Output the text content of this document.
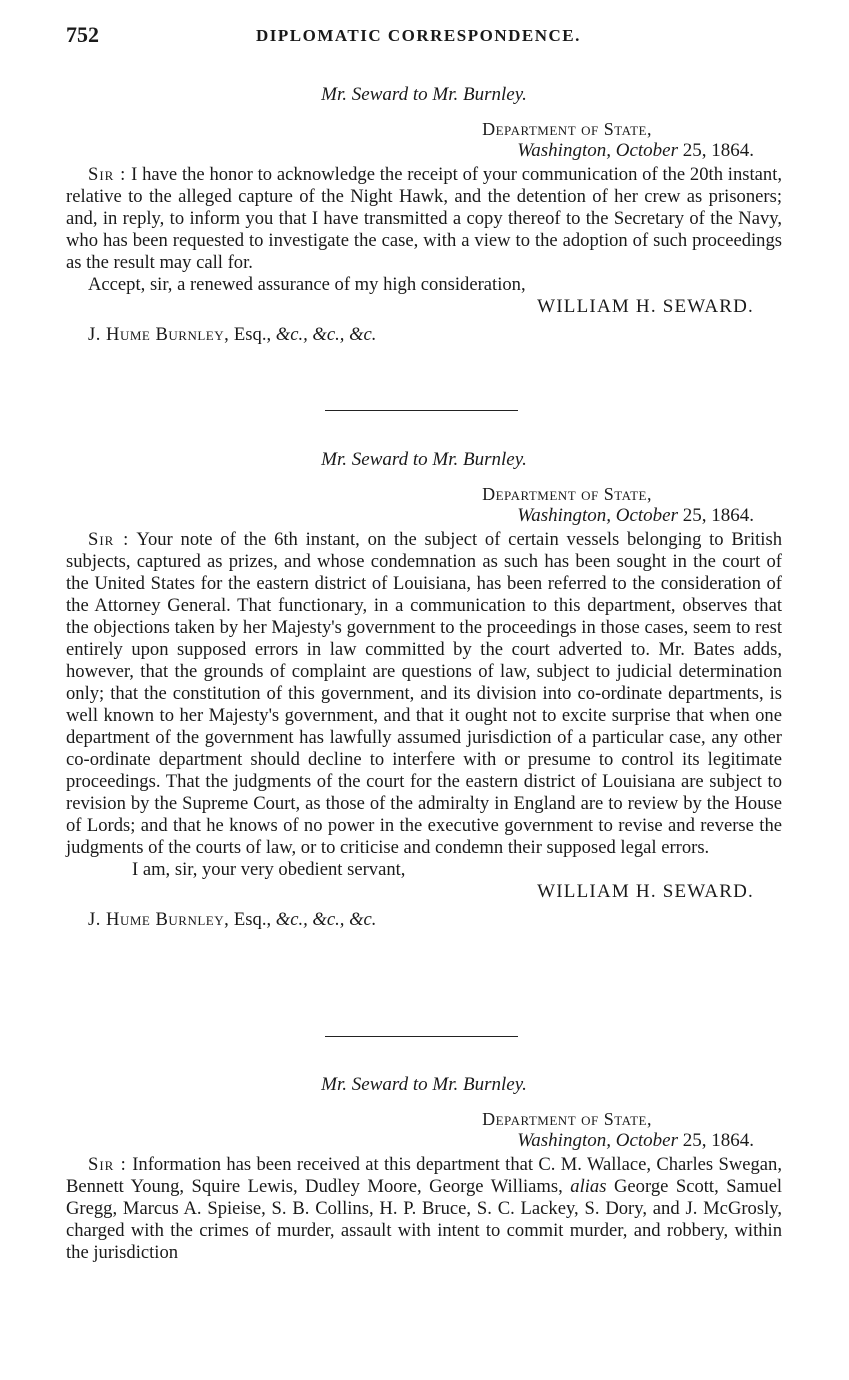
752	DIPLOMATIC CORRESPONDENCE.
Mr. Seward to Mr. Burnley.
Department of State,
Washington, October 25, 1864.

Sir : I have the honor to acknowledge the receipt of your communication of the 20th instant, relative to the alleged capture of the Night Hawk, and the detention of her crew as prisoners; and, in reply, to inform you that I have transmitted a copy thereof to the Secretary of the Navy, who has been requested to investigate the case, with a view to the adoption of such proceedings as the result may call for.

Accept, sir, a renewed assurance of my high consideration,
WILLIAM H. SEWARD.
J. Hume Burnley, Esq., &c., &c., &c.
Mr. Seward to Mr. Burnley.
Department of State,
Washington, October 25, 1864.

Sir : Your note of the 6th instant, on the subject of certain vessels belonging to British subjects, captured as prizes, and whose condemnation as such has been sought in the court of the United States for the eastern district of Louisiana, has been referred to the consideration of the Attorney General. That functionary, in a communication to this department, observes that the objections taken by her Majesty's government to the proceedings in those cases, seem to rest entirely upon supposed errors in law committed by the court adverted to. Mr. Bates adds, however, that the grounds of complaint are questions of law, subject to judicial determination only; that the constitution of this government, and its division into co-ordinate departments, is well known to her Majesty's government, and that it ought not to excite surprise that when one department of the government has lawfully assumed jurisdiction of a particular case, any other co-ordinate department should decline to interfere with or presume to control its legitimate proceedings. That the judgments of the court for the eastern district of Louisiana are subject to revision by the Supreme Court, as those of the admiralty in England are to review by the House of Lords; and that he knows of no power in the executive government to revise and reverse the judgments of the courts of law, or to criticise and condemn their supposed legal errors.

I am, sir, your very obedient servant,
WILLIAM H. SEWARD.
J. Hume Burnley, Esq., &c., &c., &c.
Mr. Seward to Mr. Burnley.
Department of State,
Washington, October 25, 1864.

Sir : Information has been received at this department that C. M. Wallace, Charles Swegan, Bennett Young, Squire Lewis, Dudley Moore, George Williams, alias George Scott, Samuel Gregg, Marcus A. Spieise, S. B. Collins, H. P. Bruce, S. C. Lackey, S. Dory, and J. McGrosly, charged with the crimes of murder, assault with intent to commit murder, and robbery, within the jurisdiction
